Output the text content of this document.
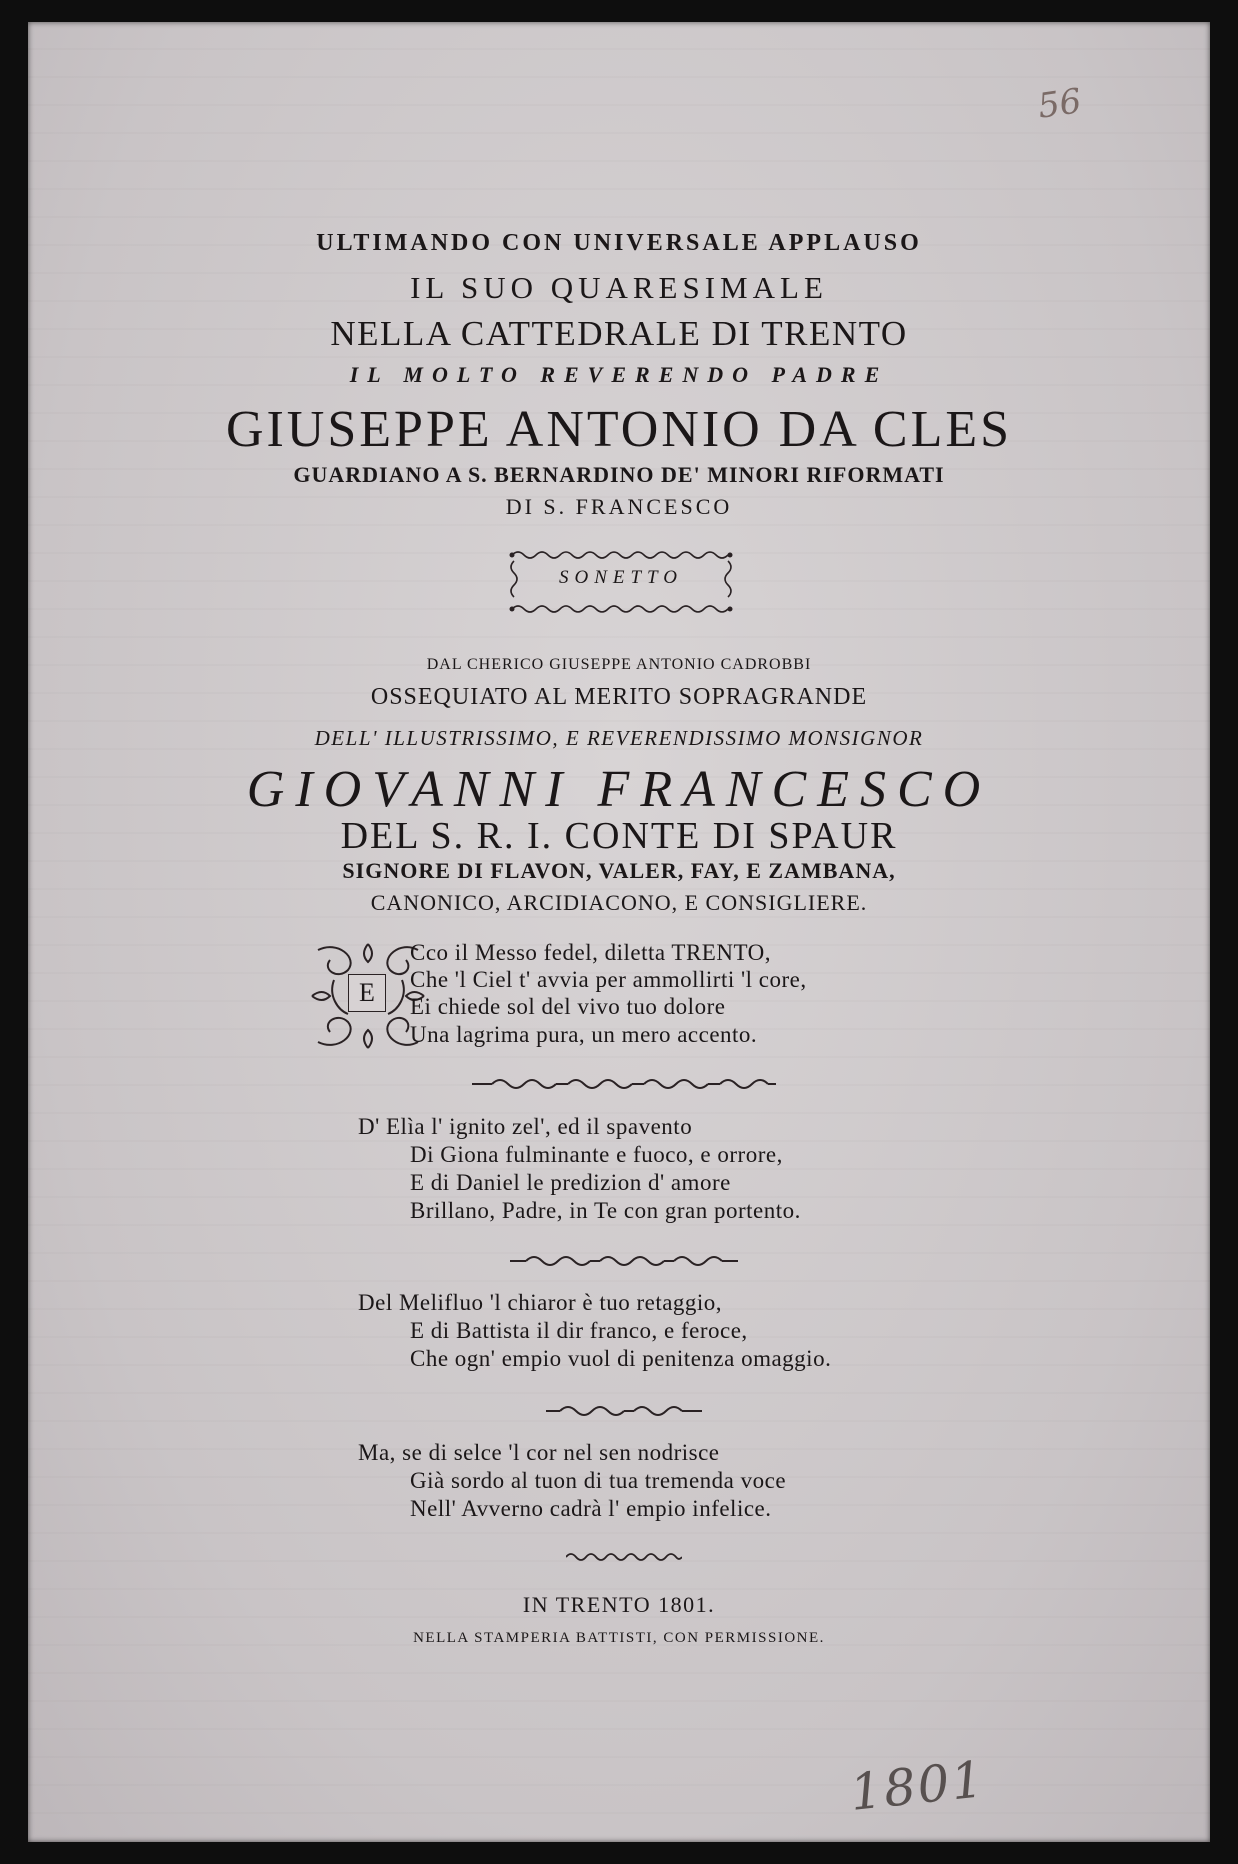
56
ULTIMANDO CON UNIVERSALE APPLAUSO
IL SUO QUARESIMALE
NELLA CATTEDRALE DI TRENTO
IL MOLTO REVERENDO PADRE
GIUSEPPE ANTONIO DA CLES
GUARDIANO A S. BERNARDINO DE' MINORI RIFORMATI
DI S. FRANCESCO
SONETTO
DAL CHERICO GIUSEPPE ANTONIO CADROBBI
OSSEQUIATO AL MERITO SOPRAGRANDE
DELL' ILLUSTRISSIMO, E REVERENDISSIMO MONSIGNOR
GIOVANNI FRANCESCO
DEL S. R. I. CONTE DI SPAUR
SIGNORE DI FLAVON, VALER, FAY, E ZAMBANA,
CANONICO, ARCIDIACONO, E CONSIGLIERE.
E
Cco il Messo fedel, diletta TRENTO,
Che 'l Ciel t' avvia per ammollirti 'l core,
Ei chiede sol del vivo tuo dolore
Una lagrima pura, un mero accento.
D' Elìa l' ignito zel', ed il spavento
Di Giona fulminante e fuoco, e orrore,
E di Daniel le predizion d' amore
Brillano, Padre, in Te con gran portento.
Del Melifluo 'l chiaror è tuo retaggio,
E di Battista il dir franco, e feroce,
Che ogn' empio vuol di penitenza omaggio.
Ma, se di selce 'l cor nel sen nodrisce
Già sordo al tuon di tua tremenda voce
Nell' Avverno cadrà l' empio infelice.
IN TRENTO 1801.
NELLA STAMPERIA BATTISTI, CON PERMISSIONE.
1801
